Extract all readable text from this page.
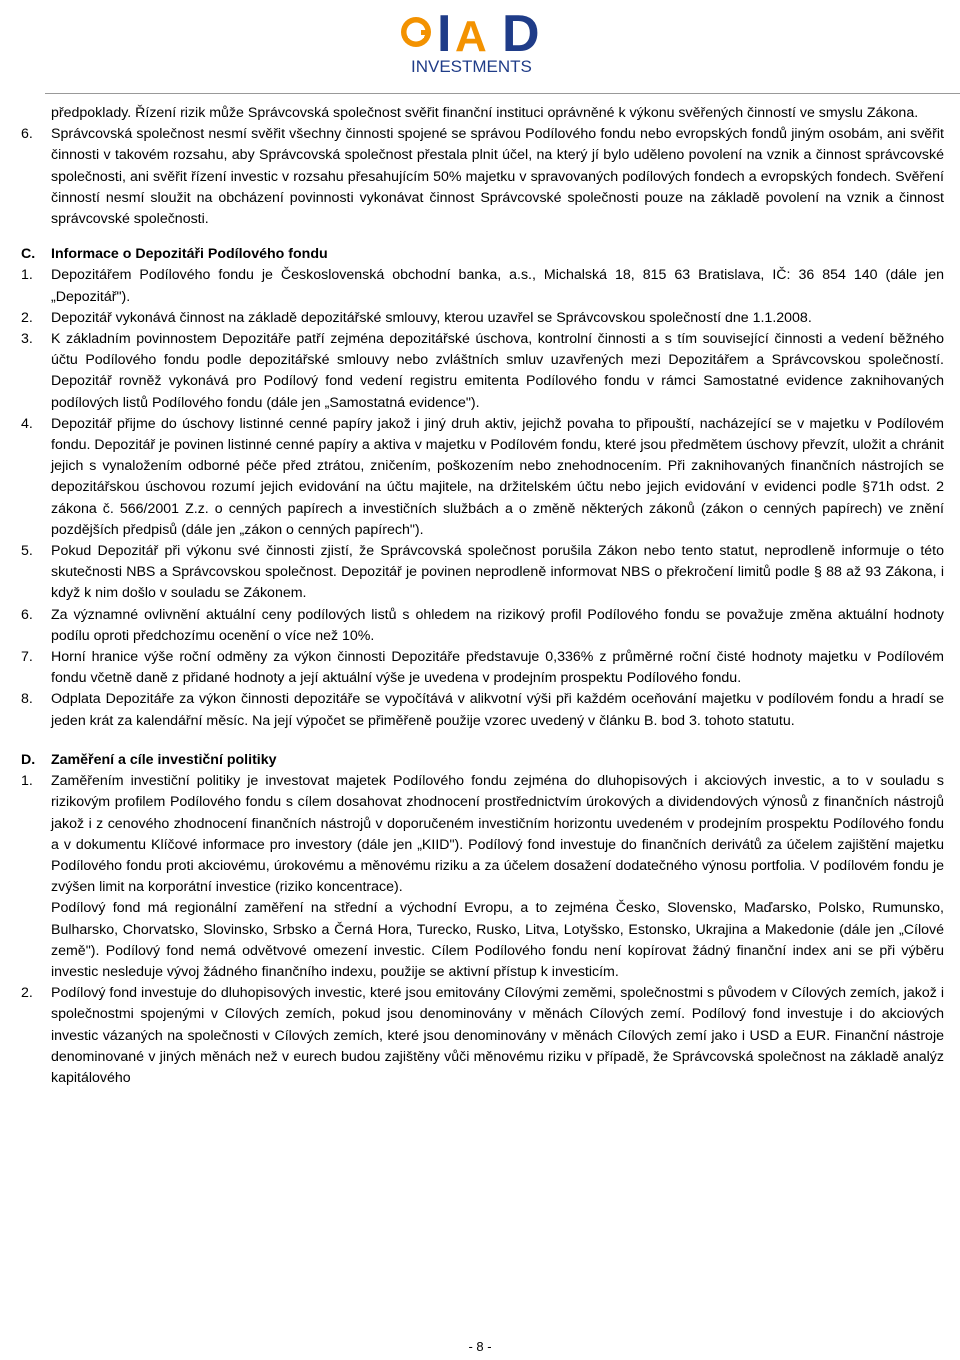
I A D
INVESTMENTS

předpoklady. Řízení rizik může Správcovská společnost svěřit finanční instituci oprávněné k výkonu svěřených činností ve smyslu Zákona.

6. Správcovská společnost nesmí svěřit všechny činnosti spojené se správou Podílového fondu nebo evropských fondů jiným osobám, ani svěřit činnosti v takovém rozsahu, aby Správcovská společnost přestala plnit účel, na který jí bylo uděleno povolení na vznik a činnost správcovské společnosti, ani svěřit řízení investic v rozsahu přesahujícím 50% majetku v spravovaných podílových fondech a evropských fondech. Svěření činností nesmí sloužit na obcházení povinnosti vykonávat činnost Správcovské společnosti pouze na základě povolení na vznik a činnost správcovské společnosti.
C. Informace o Depozitáři Podílového fondu
1. Depozitářem Podílového fondu je Československá obchodní banka, a.s., Michalská 18, 815 63 Bratislava, IČ: 36 854 140 (dále jen „Depozitář").
2. Depozitář vykonává činnost na základě depozitářské smlouvy, kterou uzavřel se Správcovskou společností dne 1.1.2008.
3. K základním povinnostem Depozitáře patří zejména depozitářské úschova, kontrolní činnosti a s tím související činnosti a vedení běžného účtu Podílového fondu podle depozitářské smlouvy nebo zvláštních smluv uzavřených mezi Depozitářem a Správcovskou společností. Depozitář rovněž vykonává pro Podílový fond vedení registru emitenta Podílového fondu v rámci Samostatné evidence zaknihovaných podílových listů Podílového fondu (dále jen „Samostatná evidence").
4. Depozitář přijme do úschovy listinné cenné papíry jakož i jiný druh aktiv, jejichž povaha to připouští, nacházející se v majetku v Podílovém fondu. Depozitář je povinen listinné cenné papíry a aktiva v majetku v Podílovém fondu, které jsou předmětem úschovy převzít, uložit a chránit jejich s vynaložením odborné péče před ztrátou, zničením, poškozením nebo znehodnocením. Při zaknihovaných finančních nástrojích se depozitářskou úschovou rozumí jejich evidování na účtu majitele, na držitelském účtu nebo jejich evidování v evidenci podle §71h odst. 2 zákona č. 566/2001 Z.z. o cenných papírech a investičních službách a o změně některých zákonů (zákon o cenných papírech) ve znění pozdějších předpisů (dále jen „zákon o cenných papírech").
5. Pokud Depozitář při výkonu své činnosti zjistí, že Správcovská společnost porušila Zákon nebo tento statut, neprodleně informuje o této skutečnosti NBS a Správcovskou společnost. Depozitář je povinen neprodleně informovat NBS o překročení limitů podle § 88 až 93 Zákona, i když k nim došlo v souladu se Zákonem.
6. Za významné ovlivnění aktuální ceny podílových listů s ohledem na rizikový profil Podílového fondu se považuje změna aktuální hodnoty podílu oproti předchozímu ocenění o více než 10%.
7. Horní hranice výše roční odměny za výkon činnosti Depozitáře představuje 0,336% z průměrné roční čisté hodnoty majetku v Podílovém fondu včetně daně z přidané hodnoty a její aktuální výše je uvedena v prodejním prospektu Podílového fondu.
8. Odplata Depozitáře za výkon činnosti depozitáře se vypočítává v alikvotní výši při každém oceňování majetku v podílovém fondu a hradí se jeden krát za kalendářní měsíc. Na její výpočet se přiměřeně použije vzorec uvedený v článku B. bod 3. tohoto statutu.
D. Zaměření a cíle investiční politiky
1. Zaměřením investiční politiky je investovat majetek Podílového fondu zejména do dluhopisových i akciových investic, a to v souladu s rizikovým profilem Podílového fondu s cílem dosahovat zhodnocení prostřednictvím úrokových a dividendových výnosů z finančních nástrojů jakož i z cenového zhodnocení finančních nástrojů v doporučeném investičním horizontu uvedeném v prodejním prospektu Podílového fondu a v dokumentu Klíčové informace pro investory (dále jen „KIID"). Podílový fond investuje do finančních derivátů za účelem zajištění majetku Podílového fondu proti akciovému, úrokovému a měnovému riziku a za účelem dosažení dodatečného výnosu portfolia. V podílovém fondu je zvýšen limit na korporátní investice (riziko koncentrace).
Podílový fond má regionální zaměření na střední a východní Evropu, a to zejména Česko, Slovensko, Maďarsko, Polsko, Rumunsko, Bulharsko, Chorvatsko, Slovinsko, Srbsko a Černá Hora, Turecko, Rusko, Litva, Lotyšsko, Estonsko, Ukrajina a Makedonie (dále jen „Cílové země"). Podílový fond nemá odvětvové omezení investic. Cílem Podílového fondu není kopírovat žádný finanční index ani se při výběru investic nesleduje vývoj žádného finančního indexu, použije se aktivní přístup k investicím.
2. Podílový fond investuje do dluhopisových investic, které jsou emitovány Cílovými zeměmi, společnostmi s původem v Cílových zemích, jakož i společnostmi spojenými v Cílových zemích, pokud jsou denominovány v měnách Cílových zemí. Podílový fond investuje i do akciových investic vázaných na společnosti v Cílových zemích, které jsou denominovány v měnách Cílových zemí jako i USD a EUR. Finanční nástroje denominované v jiných měnách než v eurech budou zajištěny vůči měnovému riziku v případě, že Správcovská společnost na základě analýz kapitálového
- 8 -
